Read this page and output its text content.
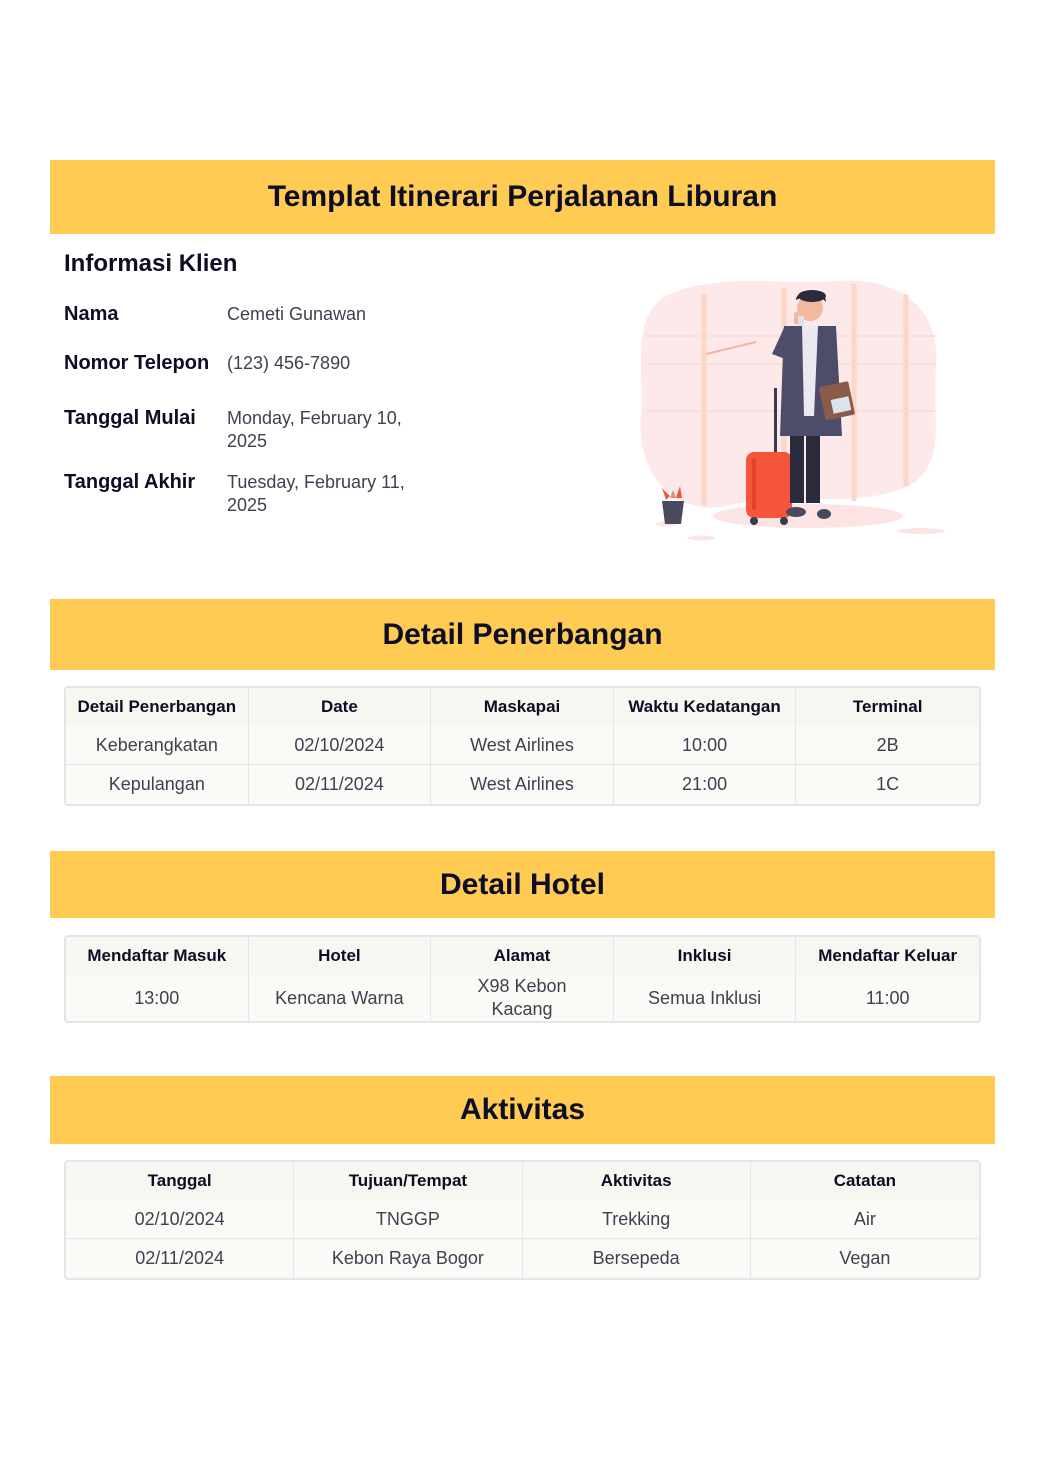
Templat Itinerari Perjalanan Liburan
Informasi Klien
Nama	Cemeti Gunawan
Nomor Telepon (123) 456-7890
Tanggal Mulai	Monday, February 10, 2025
Tanggal Akhir	Tuesday, February 11, 2025
Detail Penerbangan
Detail Penerbangan	Date	Maskapai	Waktu Kedatangan	Terminal
Keberangkatan	02/10/2024	West Airlines	10:00	2B
Kepulangan	02/11/2024	West Airlines	21:00	1C
Detail Hotel
Mendaftar Masuk	Hotel	Alamat	Inklusi	Mendaftar Keluar
13:00	Kencana Warna	X98 Kebon Kacang	Semua Inklusi	11:00
Aktivitas
Tanggal	Tujuan/Tempat	Aktivitas	Catatan
02/10/2024	TNGGP	Trekking	Air
02/11/2024	Kebon Raya Bogor	Bersepeda	Vegan
